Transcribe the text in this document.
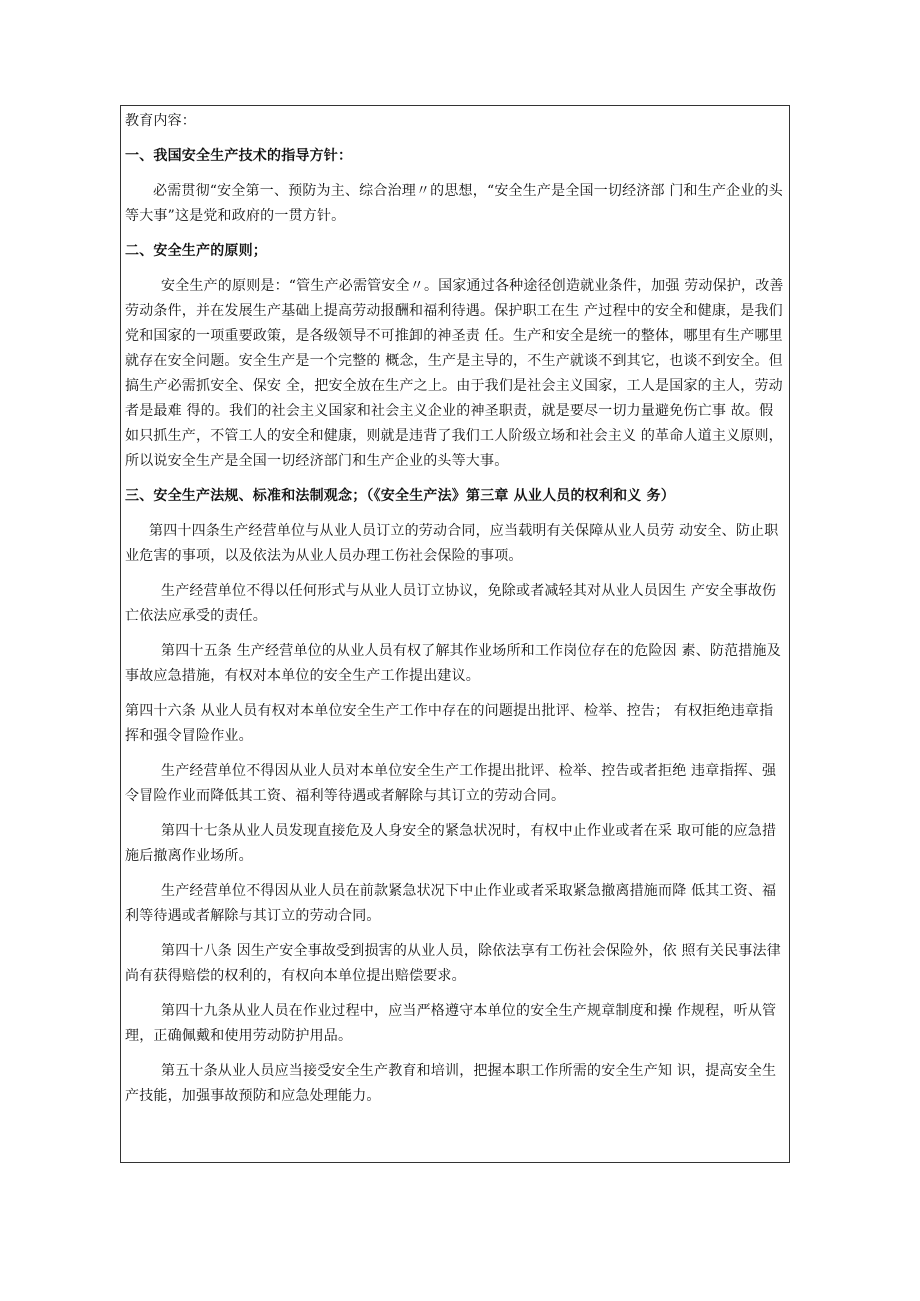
教育内容：

一、我国安全生产技术的指导方针：

必需贯彻“安全第一、预防为主、综合治理〃的思想，“安全生产是全国一切经济部 门和生产企业的头等大事”这是党和政府的一贯方针。

二、安全生产的原则；

安全生产的原则是：“管生产必需管安全〃。国家通过各种途径创造就业条件，加强 劳动保护，改善劳动条件，并在发展生产基础上提高劳动报酬和福利待遇。保护职工在生 产过程中的安全和健康，是我们党和国家的一项重要政策，是各级领导不可推卸的神圣责 任。生产和安全是统一的整体，哪里有生产哪里就存在安全问题。安全生产是一个完整的 概念，生产是主导的，不生产就谈不到其它，也谈不到安全。但搞生产必需抓安全、保安 全，把安全放在生产之上。由于我们是社会主义国家，工人是国家的主人，劳动者是最难 得的。我们的社会主义国家和社会主义企业的神圣职责，就是要尽一切力量避免伤亡事 故。假如只抓生产，不管工人的安全和健康，则就是违背了我们工人阶级立场和社会主义 的革命人道主义原则，所以说安全生产是全国一切经济部门和生产企业的头等大事。

三、安全生产法规、标准和法制观念；（《安全生产法》第三章 从业人员的权利和义 务）

第四十四条生产经营单位与从业人员订立的劳动合同，应当载明有关保障从业人员劳 动安全、防止职业危害的事项，以及依法为从业人员办理工伤社会保险的事项。

生产经营单位不得以任何形式与从业人员订立协议，免除或者减轻其对从业人员因生 产安全事故伤亡依法应承受的责任。

第四十五条 生产经营单位的从业人员有权了解其作业场所和工作岗位存在的危险因 素、防范措施及事故应急措施，有权对本单位的安全生产工作提出建议。

第四十六条 从业人员有权对本单位安全生产工作中存在的问题提出批评、检举、控告； 有权拒绝违章指挥和强令冒险作业。

生产经营单位不得因从业人员对本单位安全生产工作提出批评、检举、控告或者拒绝 违章指挥、强令冒险作业而降低其工资、福利等待遇或者解除与其订立的劳动合同。

第四十七条从业人员发现直接危及人身安全的紧急状况时，有权中止作业或者在采 取可能的应急措施后撤离作业场所。

生产经营单位不得因从业人员在前款紧急状况下中止作业或者采取紧急撤离措施而降 低其工资、福利等待遇或者解除与其订立的劳动合同。

第四十八条 因生产安全事故受到损害的从业人员，除依法享有工伤社会保险外，依 照有关民事法律尚有获得赔偿的权利的，有权向本单位提出赔偿要求。

第四十九条从业人员在作业过程中，应当严格遵守本单位的安全生产规章制度和操 作规程，听从管理，正确佩戴和使用劳动防护用品。

第五十条从业人员应当接受安全生产教育和培训，把握本职工作所需的安全生产知 识，提高安全生产技能，加强事故预防和应急处理能力。
